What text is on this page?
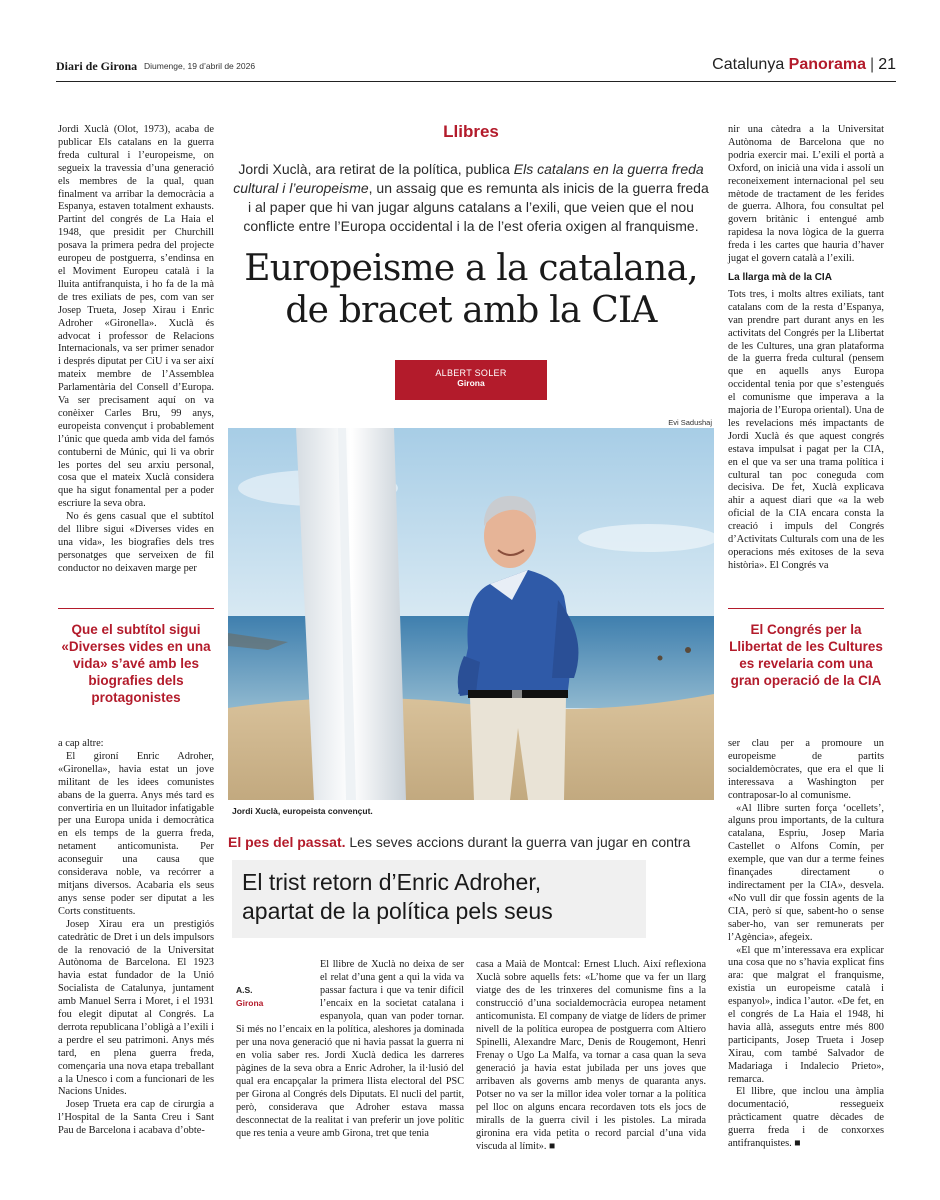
Diari de Girona Diumenge, 19 d’abril de 2026	Catalunya Panorama | 21

Jordi Xuclà (Olot, 1973), acaba de publicar Els catalans en la guerra freda cultural i l’europeisme, on segueix la travessia d’una generació els membres de la qual, quan finalment va arribar la democràcia a Espanya, estaven totalment exhausts. Partint del congrés de La Haia el 1948, que presidit per Churchill posava la primera pedra del projecte europeu de postguerra, s’endinsa en el Moviment Europeu català i la lluita antifranquista, i ho fa de la mà de tres exiliats de pes, com van ser Josep Trueta, Josep Xirau i Enric Adroher «Gironella». Xuclà és advocat i professor de Relacions Internacionals, va ser primer senador i després diputat per CiU i va ser així mateix membre de l’Assemblea Parlamentària del Consell d’Europa. Va ser precisament aquí on va conèixer Carles Bru, 99 anys, europeista convençut i probablement l’únic que queda amb vida del famós contuberni de Múnic, qui li va obrir les portes del seu arxiu personal, cosa que el mateix Xuclà considera que ha sigut fonamental per a poder escriure la seva obra.

No és gens casual que el subtítol del llibre sigui «Diverses vides en una vida», les biografies dels tres personatges que serveixen de fil conductor no deixaven marge per

Que el subtítol sigui «Diverses vides en una vida» s’avé amb les biografies dels protagonistes

a cap altre:

El gironí Enric Adroher, «Gironella», havia estat un jove militant de les idees comunistes abans de la guerra. Anys més tard es convertiria en un lluitador infatigable per una Europa unida i democràtica en els temps de la guerra freda, netament anticomunista. Per aconseguir una causa que considerava noble, va recórrer a mitjans diversos. Acabaria els seus anys sense poder ser diputat a les Corts constituents.

Josep Xirau era un prestigiós catedràtic de Dret i un dels impulsors de la renovació de la Universitat Autònoma de Barcelona. El 1923 havia estat fundador de la Unió Socialista de Catalunya, juntament amb Manuel Serra i Moret, i el 1931 fou elegit diputat al Congrés. La derrota republicana l’obligà a l’exili i a perdre el seu patrimoni. Anys més tard, en plena guerra freda, començaria una nova etapa treballant a la Unesco i com a funcionari de les Nacions Unides.

Josep Trueta era cap de cirurgia a l’Hospital de la Santa Creu i Sant Pau de Barcelona i acabava d’obte-

Llibres
Jordi Xuclà, ara retirat de la política, publica Els catalans en la guerra freda cultural i l’europeisme, un assaig que es remunta als inicis de la guerra freda i al paper que hi van jugar alguns catalans a l’exili, que veien que el nou conflicte entre l’Europa occidental i la de l’est oferia oxigen al franquisme.
Europeisme a la catalana,
de bracet amb la CIA
ALBERT SOLER
Girona
Evi Sadushaj
Jordi Xuclà, europeista convençut.

nir una càtedra a la Universitat Autònoma de Barcelona que no podria exercir mai. L’exili el portà a Oxford, on inicià una vida i assolí un reconeixement internacional pel seu mètode de tractament de les ferides de guerra. Alhora, fou consultat pel govern britànic i entengué amb rapidesa la nova lògica de la guerra freda i les cartes que hauria d’haver jugat el govern català a l’exili.

La llarga mà de la CIA

Tots tres, i molts altres exiliats, tant catalans com de la resta d’Espanya, van prendre part durant anys en les activitats del Congrés per la Llibertat de les Cultures, una gran plataforma de la guerra freda cultural (pensem que en aquells anys Europa occidental tenia por que s’estengués el comunisme que imperava a la majoria de l’Europa oriental). Una de les revelacions més impactants de Jordi Xuclà és que aquest congrés estava impulsat i pagat per la CIA, en el que va ser una trama política i cultural tan poc coneguda com decisiva. De fet, Xuclà explicava ahir a aquest diari que «a la web oficial de la CIA encara consta la creació i impuls del Congrés d’Activitats Culturals com una de les operacions més exitoses de la seva història». El Congrés va

El Congrés per la Llibertat de les Cultures es revelaria com una gran operació de la CIA

ser clau per a promoure un europeisme de partits socialdemòcrates, que era el que li interessava a Washington per contraposar-lo al comunisme.

«Al llibre surten força ‘ocellets’, alguns prou importants, de la cultura catalana, Espriu, Josep Maria Castellet o Alfons Comín, per exemple, que van dur a terme feines finançades directament o indirectament per la CIA», desvela. «No vull dir que fossin agents de la CIA, però sí que, sabent-ho o sense saber-ho, van ser remunerats per l’Agència», afegeix.

«El que m’interessava era explicar una cosa que no s’havia explicat fins ara: que malgrat el franquisme, existia un europeisme català i espanyol», indica l’autor. «De fet, en el congrés de La Haia el 1948, hi havia allà, asseguts entre més 800 participants, Josep Trueta i Josep Xirau, com també Salvador de Madariaga i Indalecio Prieto», remarca.

El llibre, que inclou una àmplia documentació, ressegueix pràcticament quatre dècades de guerra freda i de conxorxes antifranquistes. ■

El pes del passat. Les seves accions durant la guerra van jugar en contra
El trist retorn d’Enric Adroher,
apartat de la política pels seus
A.S.
Girona

El llibre de Xuclà no deixa de ser el relat d’una gent a qui la vida va passar factura i que va tenir difícil l’encaix en la societat catalana i espanyola, quan van poder tornar. Si més no l’encaix en la política, aleshores ja dominada per una nova generació que ni havia passat la guerra ni en volia saber res. Jordi Xuclà dedica les darreres pàgines de la seva obra a Enric Adroher, la il·lusió del qual era encapçalar la primera llista electoral del PSC per Girona al Congrés dels Diputats. El nucli del partit, però, considerava que Adroher estava massa desconnectat de la realitat i van preferir un jove polític que res tenia a veure amb Girona, tret que tenia

casa a Maià de Montcal: Ernest Lluch. Així reflexiona Xuclà sobre aquells fets: «L’home que va fer un llarg viatge des de les trinxeres del comunisme fins a la construcció d’una socialdemocràcia europea netament anticomunista. El company de viatge de líders de primer nivell de la política europea de postguerra com Altiero Spinelli, Alexandre Marc, Denis de Rougemont, Henri Frenay o Ugo La Malfa, va tornar a casa quan la seva generació ja havia estat jubilada per uns joves que arribaven als governs amb menys de quaranta anys. Potser no va ser la millor idea voler tornar a la política pel lloc on alguns encara recordaven tots els jocs de miralls de la guerra civil i les pistoles. La mirada gironina era vida petita o record parcial d’una vida viscuda al límit». ■
